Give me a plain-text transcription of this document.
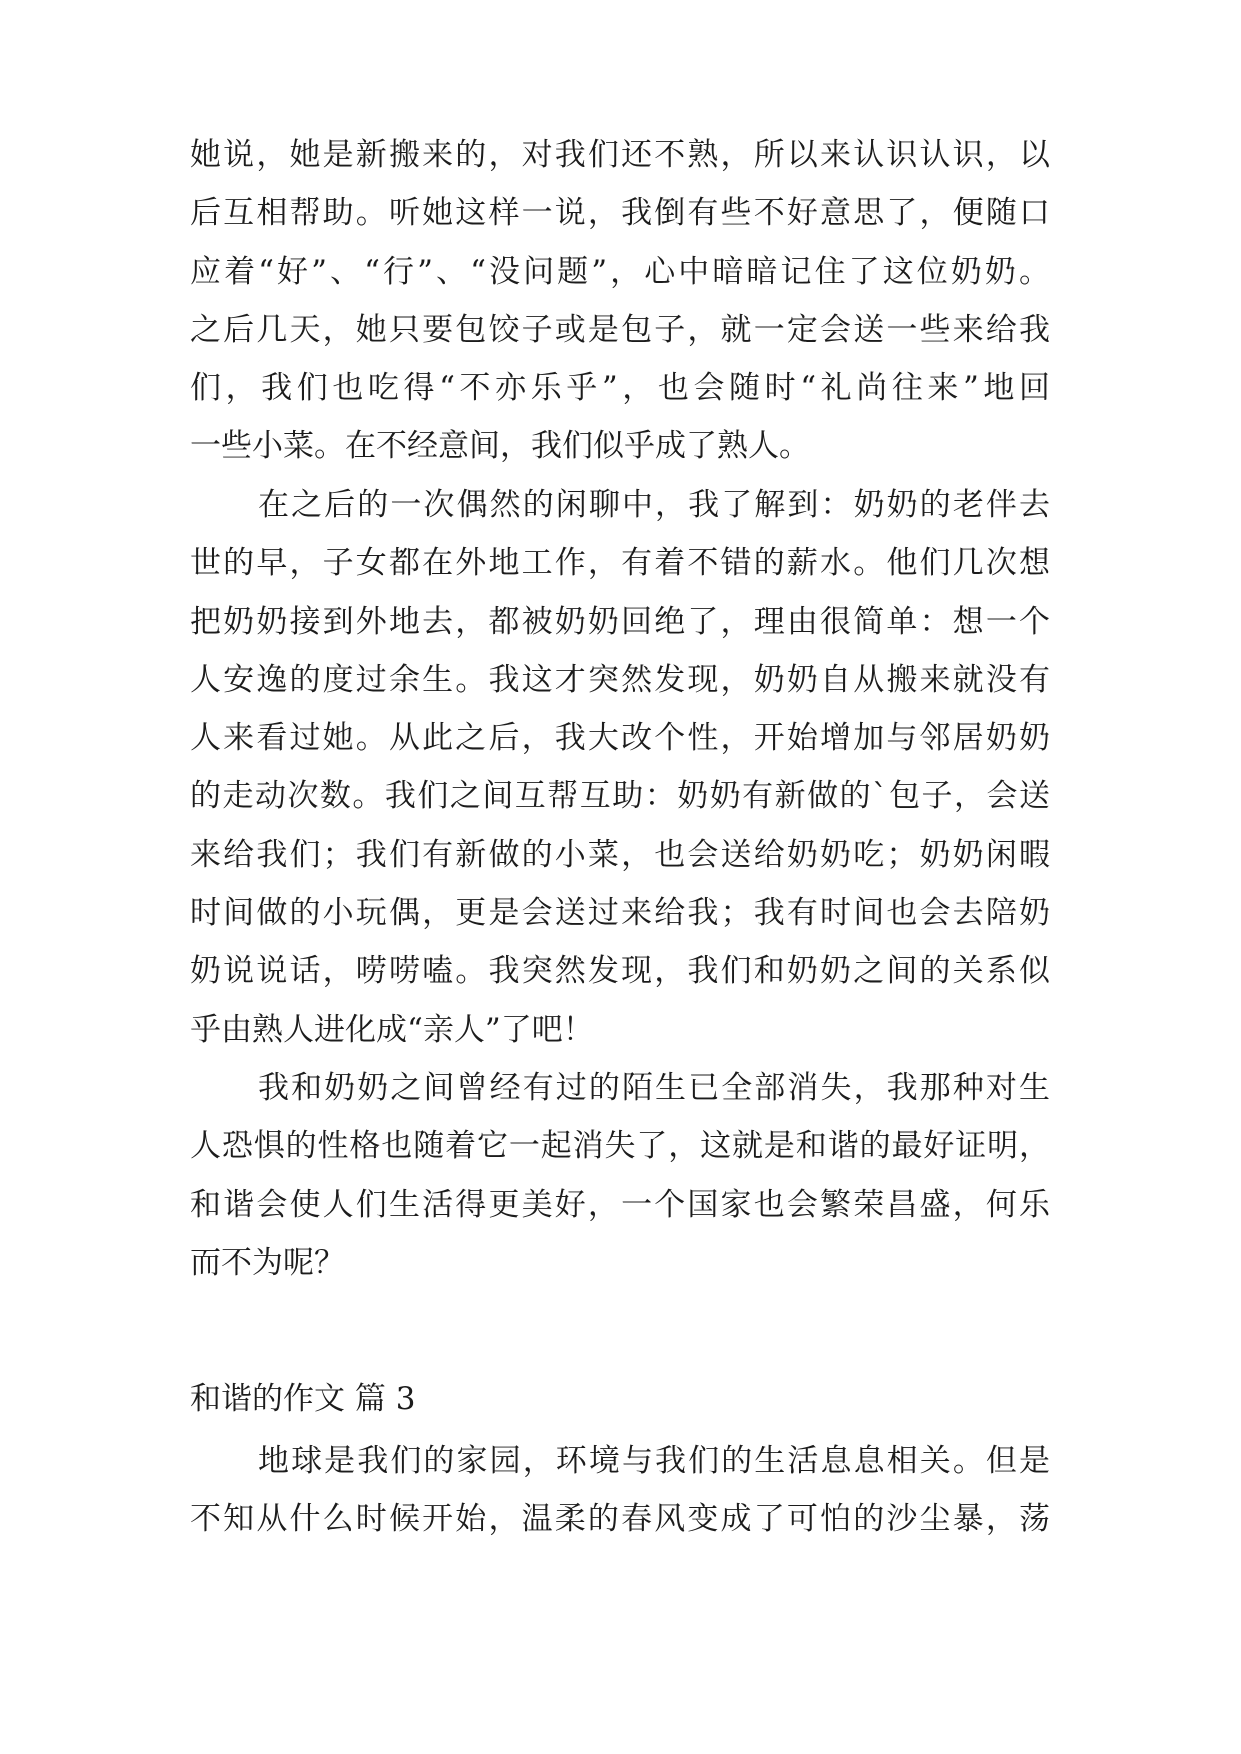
她说，她是新搬来的，对我们还不熟，所以来认识认识，以
后互相帮助。听她这样一说，我倒有些不好意思了，便随口
应着“好”、“行”、“没问题”，心中暗暗记住了这位奶奶。
之后几天，她只要包饺子或是包子，就一定会送一些来给我
们，我们也吃得“不亦乐乎”，也会随时“礼尚往来”地回
一些小菜。在不经意间，我们似乎成了熟人。
在之后的一次偶然的闲聊中，我了解到：奶奶的老伴去
世的早，子女都在外地工作，有着不错的薪水。他们几次想
把奶奶接到外地去，都被奶奶回绝了，理由很简单：想一个
人安逸的度过余生。我这才突然发现，奶奶自从搬来就没有
人来看过她。从此之后，我大改个性，开始增加与邻居奶奶
的走动次数。我们之间互帮互助：奶奶有新做的`包子，会送
来给我们；我们有新做的小菜，也会送给奶奶吃；奶奶闲暇
时间做的小玩偶，更是会送过来给我；我有时间也会去陪奶
奶说说话，唠唠嗑。我突然发现，我们和奶奶之间的关系似
乎由熟人进化成“亲人”了吧！
我和奶奶之间曾经有过的陌生已全部消失，我那种对生
人恐惧的性格也随着它一起消失了，这就是和谐的最好证明，
和谐会使人们生活得更美好，一个国家也会繁荣昌盛，何乐
而不为呢？
和谐的作文 篇 3
地球是我们的家园，环境与我们的生活息息相关。但是
不知从什么时候开始，温柔的春风变成了可怕的沙尘暴，荡
